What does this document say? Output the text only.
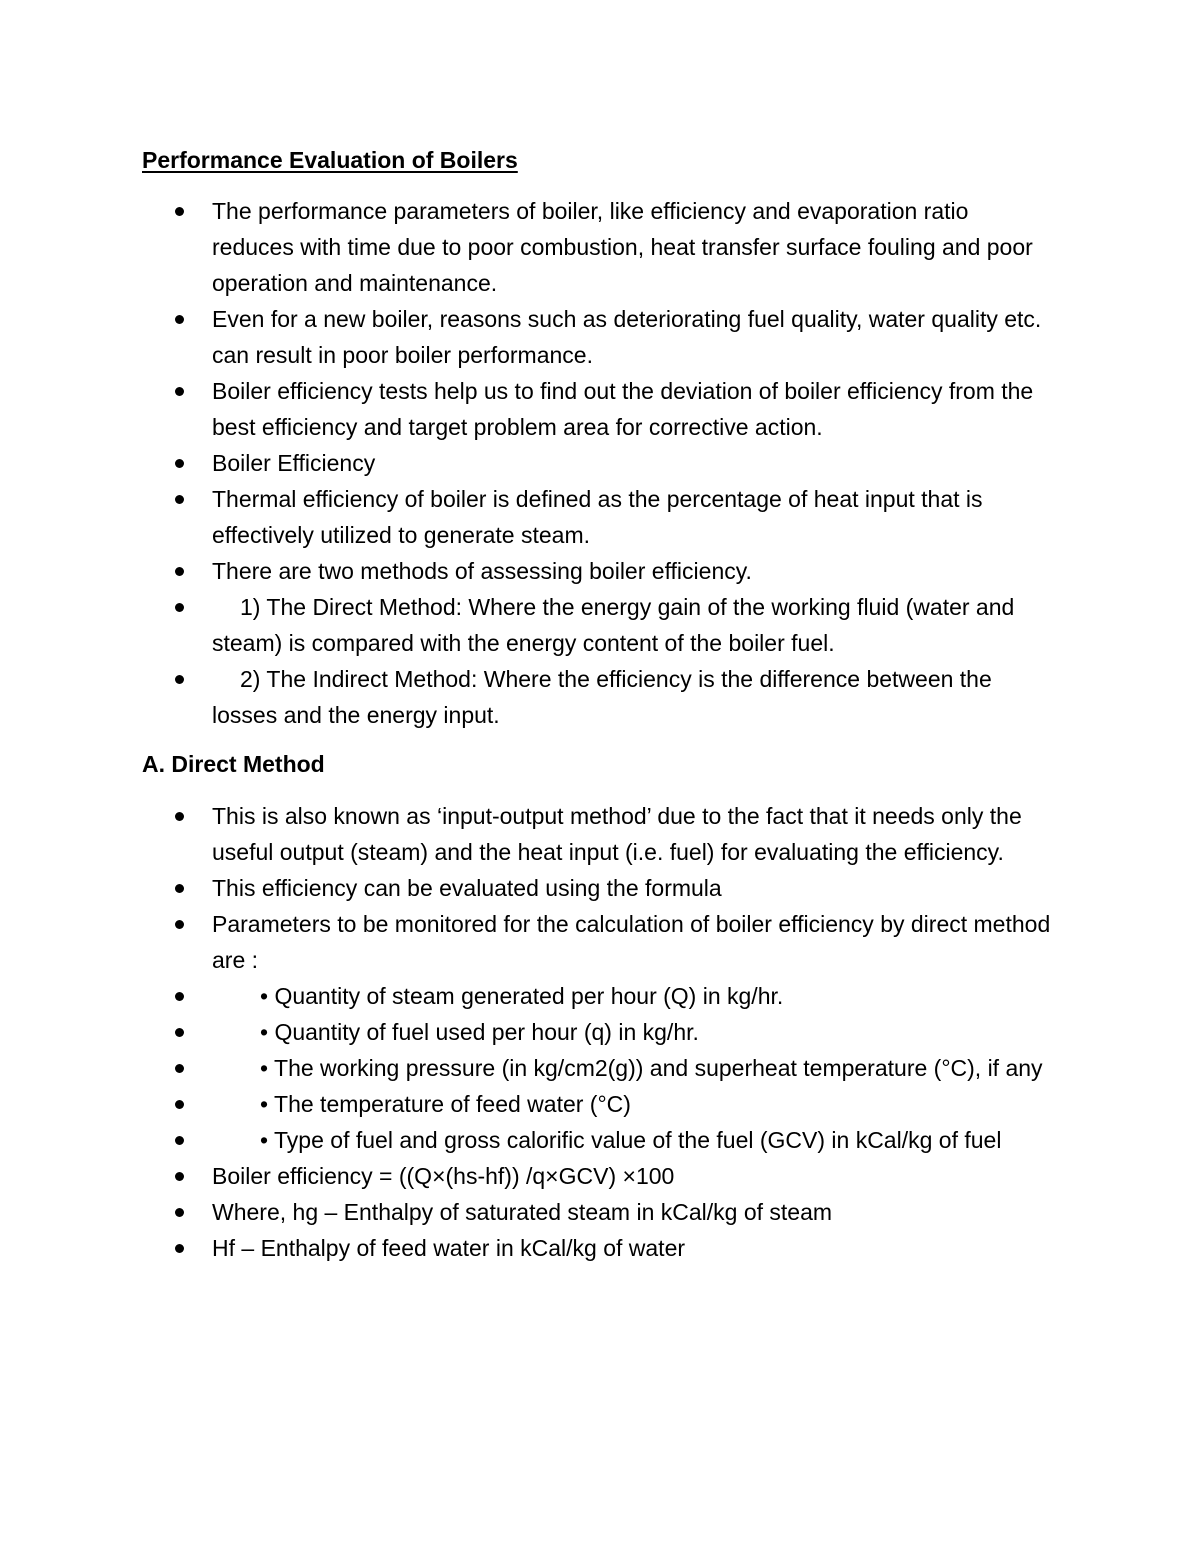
Performance Evaluation of Boilers
The performance parameters of boiler, like efficiency and evaporation ratio reduces with time due to poor combustion, heat transfer surface fouling and poor operation and maintenance.
Even for a new boiler, reasons such as deteriorating fuel quality, water quality etc. can result in poor boiler performance.
Boiler efficiency tests help us to find out the deviation of boiler efficiency from the best efficiency and target problem area for corrective action.
Boiler Efficiency
Thermal efficiency of boiler is defined as the percentage of heat input that is effectively utilized to generate steam.
There are two methods of assessing boiler efficiency.
1) The Direct Method: Where the energy gain of the working fluid (water and steam) is compared with the energy content of the boiler fuel.
2) The Indirect Method: Where the efficiency is the difference between the losses and the energy input.
A. Direct Method
This is also known as ‘input-output method’ due to the fact that it needs only the useful output (steam) and the heat input (i.e. fuel) for evaluating the efficiency.
This efficiency can be evaluated using the formula
Parameters to be monitored for the calculation of boiler efficiency by direct method are :
• Quantity of steam generated per hour (Q) in kg/hr.
• Quantity of fuel used per hour (q) in kg/hr.
• The working pressure (in kg/cm2(g)) and superheat temperature (°C), if any
• The temperature of feed water (°C)
• Type of fuel and gross calorific value of the fuel (GCV) in kCal/kg of fuel
Boiler efficiency = ((Q×(hs-hf)) /q×GCV) ×100
Where, hg – Enthalpy of saturated steam in kCal/kg of steam
Hf – Enthalpy of feed water in kCal/kg of water
